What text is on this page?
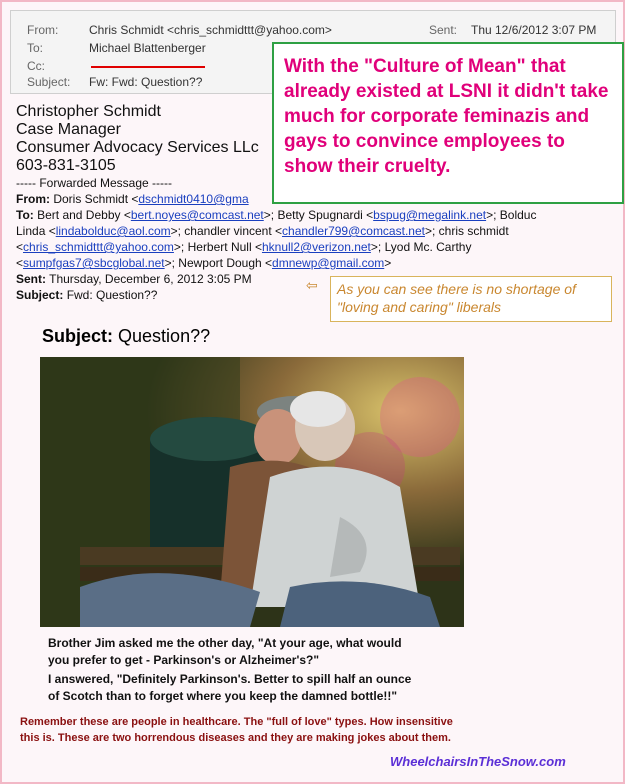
From:	Chris Schmidt <chris_schmidttt@yahoo.com>
To:	Michael Blattenberger
Cc:
Subject: Fw: Fwd: Question??
Sent: Thu 12/6/2012 3:07 PM
Christopher Schmidt
Case Manager
Consumer Advocacy Services LLc
603-831-3105
----- Forwarded Message -----
From: Doris Schmidt <dschmidt0410@gma
To: Bert and Debby <bert.noyes@comcast.net>; Betty Spugnardi <bspug@megalink.net>; Bolduc
Linda <lindabolduc@aol.com>; chandler vincent <chandler799@comcast.net>; chris schmidt
<chris_schmidttt@yahoo.com>; Herbert Null <hknull2@verizon.net>; Lyod Mc. Carthy
<sumpfgas7@sbcglobal.net>; Newport Dough <dmnewp@gmail.com>
Sent: Thursday, December 6, 2012 3:05 PM
Subject: Fwd: Question??
With the "Culture of Mean" that already existed at LSNI it didn't take much for corporate feminazis and gays to convince employees to show their cruelty.
⇦ As you can see there is no shortage of "loving and caring" liberals
Subject: Question??
Brother Jim asked me the other day, "At your age, what would
you prefer to get - Parkinson's or Alzheimer's?"
I answered, "Definitely Parkinson's. Better to spill half an ounce
of Scotch than to forget where you keep the damned bottle!!"
Remember these are people in healthcare. The "full of love" types. How insensitive
this is. These are two horrendous diseases and they are making jokes about them.
WheelchairsInTheSnow.com
